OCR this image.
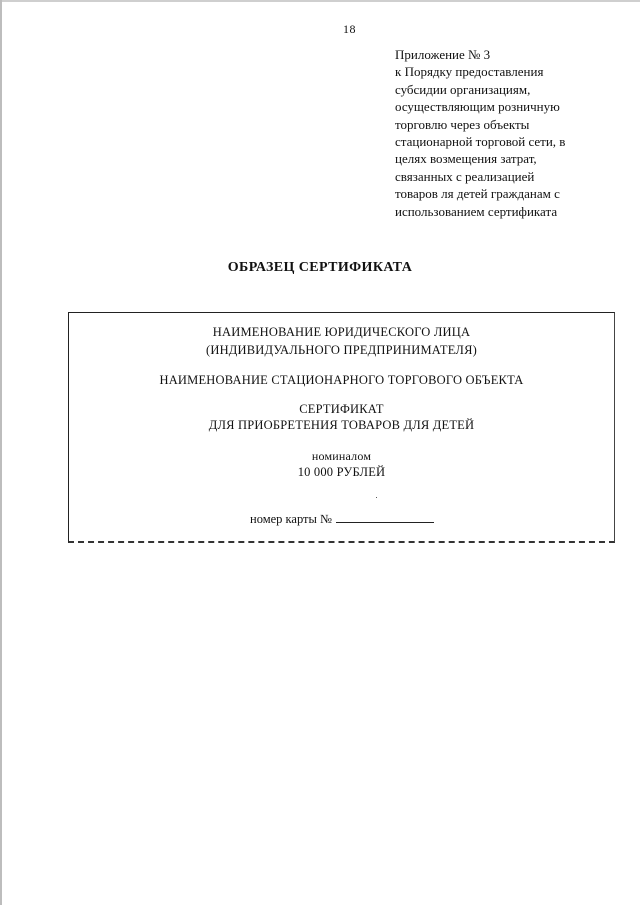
18
Приложение № 3
к Порядку предоставления
субсидии организациям,
осуществляющим розничную
торговлю через объекты
стационарной торговой сети, в
целях возмещения затрат,
связанных с реализацией
товаров ля детей гражданам с
использованием сертификата
ОБРАЗЕЦ СЕРТИФИКАТА
НАИМЕНОВАНИЕ ЮРИДИЧЕСКОГО ЛИЦА
(ИНДИВИДУАЛЬНОГО ПРЕДПРИНИМАТЕЛЯ)
НАИМЕНОВАНИЕ СТАЦИОНАРНОГО ТОРГОВОГО ОБЪЕКТА
СЕРТИФИКАТ
ДЛЯ ПРИОБРЕТЕНИЯ ТОВАРОВ ДЛЯ ДЕТЕЙ
номиналом
10 000 РУБЛЕЙ
номер карты №
